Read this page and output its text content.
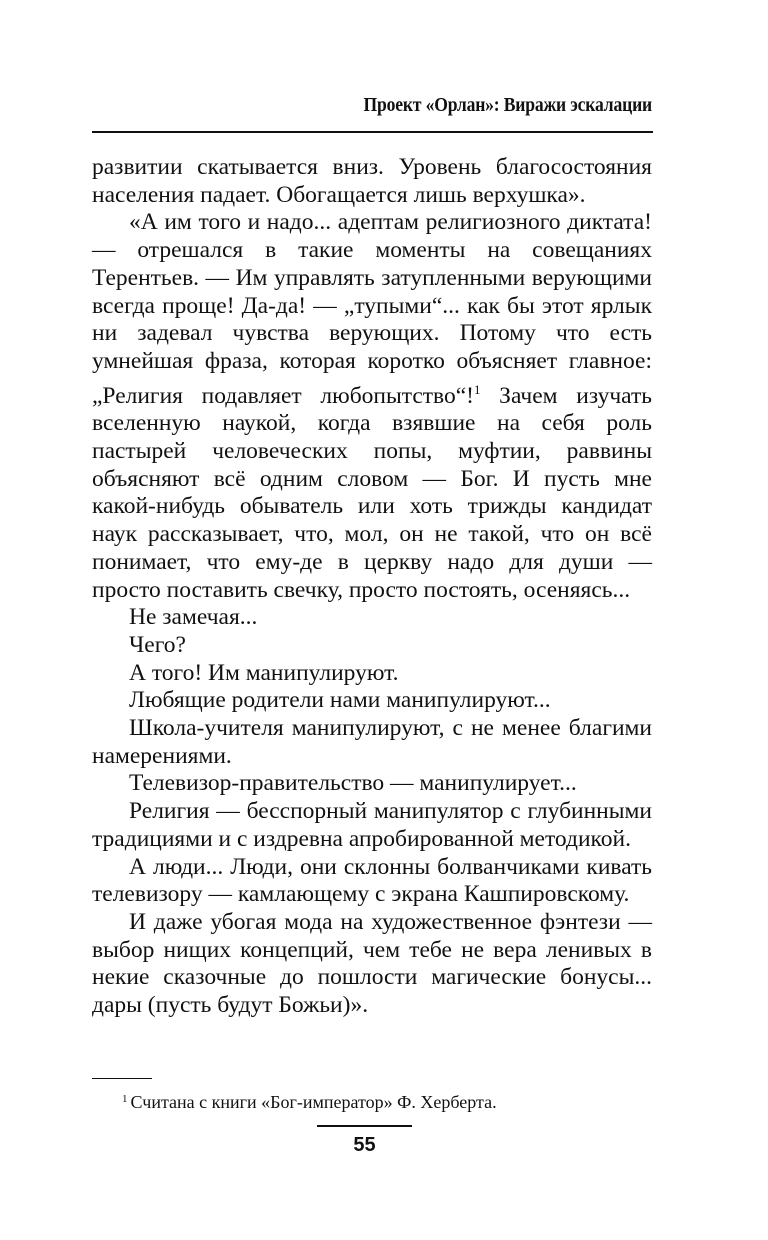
Проект «Орлан»: Виражи эскалации

развитии скатывается вниз. Уровень благосостояния населения падает. Обогащается лишь верхушка».

«А им того и надо... адептам религиозного диктата! — отрешался в такие моменты на совещаниях Терентьев. — Им управлять затупленными верующими всегда проще! Да-да! — „тупыми“... как бы этот ярлык ни задевал чувства верующих. Потому что есть умнейшая фраза, которая коротко объясняет главное: „Религия подавляет любопытство“!$^1$ Зачем изучать вселенную наукой, когда взявшие на себя роль пастырей человеческих попы, муфтии, раввины объясняют всё одним словом — Бог. И пусть мне какой-нибудь обыватель или хоть трижды кандидат наук рассказывает, что, мол, он не такой, что он всё понимает, что ему-де в церкву надо для души — просто поставить свечку, просто постоять, осеняясь...

Не замечая...

Чего?

А того! Им манипулируют.

Любящие родители нами манипулируют...

Школа-учителя манипулируют, с не менее благими намерениями.

Телевизор-правительство — манипулирует...

Религия — бесспорный манипулятор с глубинными традициями и с издревна апробированной методикой.

А люди... Люди, они склонны болванчиками кивать телевизору — камлающему с экрана Кашпировскому.

И даже убогая мода на художественное фэнтези — выбор нищих концепций, чем тебе не вера ленивых в некие сказочные до пошлости магические бонусы... дары (пусть будут Божьи)».

$^1$ Считана с книги «Бог-император» Ф. Херберта.
55
